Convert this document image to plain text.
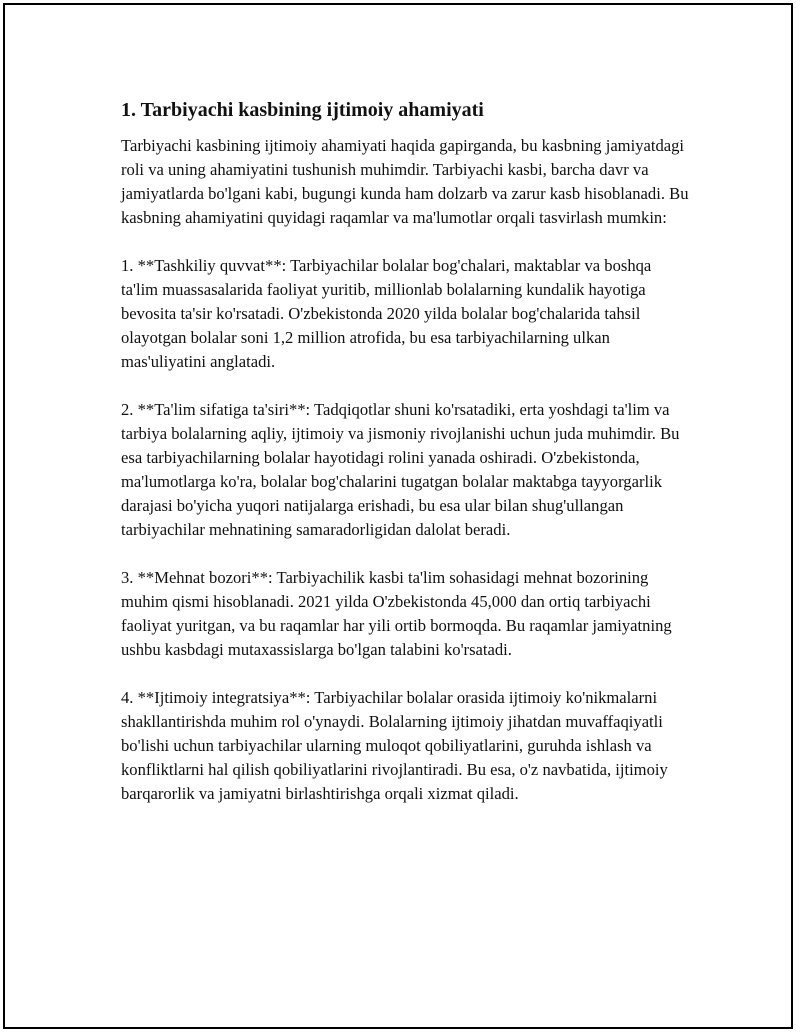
1. Tarbiyachi kasbining ijtimoiy ahamiyati

Tarbiyachi kasbining ijtimoiy ahamiyati haqida gapirganda, bu kasbning jamiyatdagi roli va uning ahamiyatini tushunish muhimdir. Tarbiyachi kasbi, barcha davr va jamiyatlarda bo'lgani kabi, bugungi kunda ham dolzarb va zarur kasb hisoblanadi. Bu kasbning ahamiyatini quyidagi raqamlar va ma'lumotlar orqali tasvirlash mumkin:

1. **Tashkiliy quvvat**: Tarbiyachilar bolalar bog'chalari, maktablar va boshqa ta'lim muassasalarida faoliyat yuritib, millionlab bolalarning kundalik hayotiga bevosita ta'sir ko'rsatadi. O'zbekistonda 2020 yilda bolalar bog'chalarida tahsil olayotgan bolalar soni 1,2 million atrofida, bu esa tarbiyachilarning ulkan mas'uliyatini anglatadi.

2. **Ta'lim sifatiga ta'siri**: Tadqiqotlar shuni ko'rsatadiki, erta yoshdagi ta'lim va tarbiya bolalarning aqliy, ijtimoiy va jismoniy rivojlanishi uchun juda muhimdir. Bu esa tarbiyachilarning bolalar hayotidagi rolini yanada oshiradi. O'zbekistonda, ma'lumotlarga ko'ra, bolalar bog'chalarini tugatgan bolalar maktabga tayyorgarlik darajasi bo'yicha yuqori natijalarga erishadi, bu esa ular bilan shug'ullangan tarbiyachilar mehnatining samaradorligidan dalolat beradi.

3. **Mehnat bozori**: Tarbiyachilik kasbi ta'lim sohasidagi mehnat bozorining muhim qismi hisoblanadi. 2021 yilda O'zbekistonda 45,000 dan ortiq tarbiyachi faoliyat yuritgan, va bu raqamlar har yili ortib bormoqda. Bu raqamlar jamiyatning ushbu kasbdagi mutaxassislarga bo'lgan talabini ko'rsatadi.

4. **Ijtimoiy integratsiya**: Tarbiyachilar bolalar orasida ijtimoiy ko'nikmalarni shakllantirishda muhim rol o'ynaydi. Bolalarning ijtimoiy jihatdan muvaffaqiyatli bo'lishi uchun tarbiyachilar ularning muloqot qobiliyatlarini, guruhda ishlash va konfliktlarni hal qilish qobiliyatlarini rivojlantiradi. Bu esa, o'z navbatida, ijtimoiy barqarorlik va jamiyatni birlashtirishga orqali xizmat qiladi.
